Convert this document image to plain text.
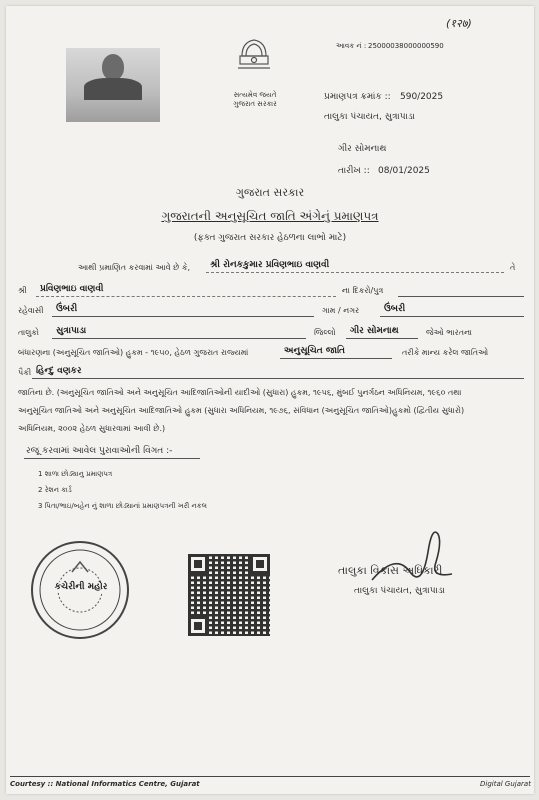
(१२७)
સત્યમેવ જયતે
ગુજરાત સરકાર
આવક નં : 25000038000000590
પ્રમાણપત્ર ક્રમાંક :: 590/2025
તાલુકા પંચાયત, સુત્રાપાડા
ગીર સોમનાથ
તારીખ :: 08/01/2025
ગુજરાત સરકાર
ગુજરાતની અનુસૂચિત જાતિ અંગેનું પ્રમાણપત્ર
(ફક્ત ગુજરાત સરકાર હેઠળના લાભો માટે)
આથી પ્રમાણિત કરવામાં આવે છે કે, શ્રી રોનકકુમાર પ્રવિણભાઇ વાણવી	તે
શ્રી પ્રવિણભાઇ વાણવી	ના દિકરો/પુત્ર
રહેવાસી ઉંબરી	ગામ / નગર	ઉંબરી
તાલુકો સુત્રાપાડા	જિલ્લો ગીર સોમનાથ	જેઓ ભારતના
બંધારણના (અનુસૂચિત જાતિઓ) હુકમ - ૧૯૫૦, હેઠળ ગુજરાત રાજ્યમાં	અનુસૂચિત જાતિ	તરીકે માન્ય કરેલ જાતિઓ
પૈકી હિન્દુ વણકર
જાતિના છે. (અનુસૂચિત જાતિઓ અને અનુસૂચિત આદિજાતિઓની યાદીઓ (સુધારા) હુકમ, ૧૯૫૬, મુંબઈ પુનર્ગઠન અધિનિયમ, ૧૯૬૦ તથા
અનુસૂચિત જાતિઓ અને અનુસૂચિત આદિજાતિઓ હુકમ (સુધારા અધિનિયમ, ૧૯૭૬, સંવિધાન (અનુસૂચિત જાતિઓ)હુકમો (દ્વિતીય સુધારો)
અધિનિયમ, ૨૦૦૨ હેઠળ સુધારવામાં આવી છે.)
રજૂ કરવામાં આવેલ પુરાવાઓની વિગત :-
1 શાળા છોડ્યાનુ પ્રમાણપત્ર
2 રેશન કાર્ડ
3 પિતા/ભાઇ/બહેન નું શાળા છોડ્યાનાં પ્રમાણપત્રની ખરી નકલ
કચેરીની મહોર
તાલુકા વિકાસ અધિકારી
તાલુકા પંચાયત, સુત્રાપાડા
Courtesy :: National Informatics Centre, Gujarat	Digital Gujarat
